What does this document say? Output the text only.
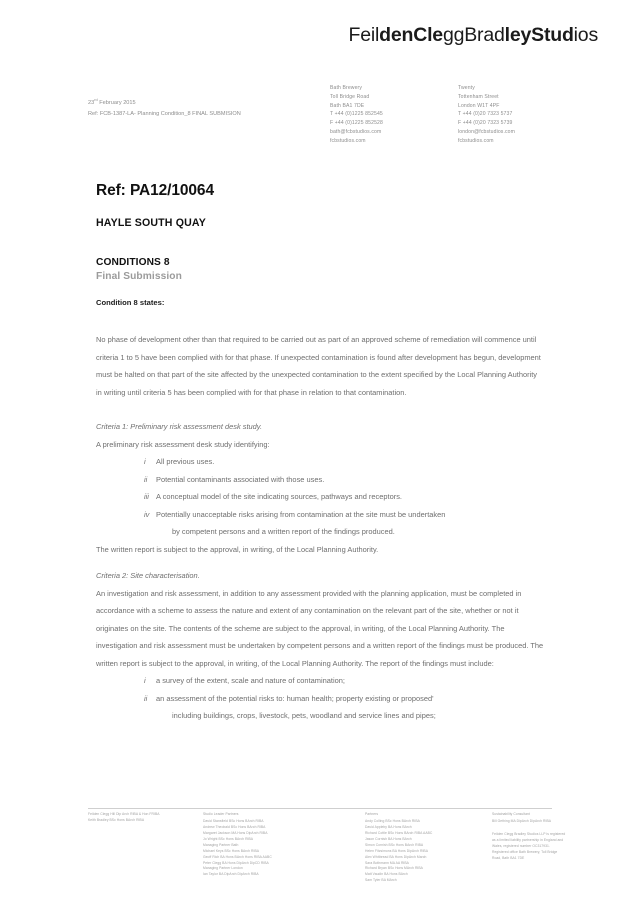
FeildenCleggBradleyStudios
Bath Brewery
Toll Bridge Road
Bath BA1 7DE
T +44 (0)1225 852545
F +44 (0)1225 852528
bath@fcbstudios.com
fcbstudios.com
Twenty
Tottenham Street
London W1T 4PF
T +44 (0)20 7323 5737
F +44 (0)20 7323 5739
london@fcbstudios.com
fcbstudios.com
23rd February 2015
Ref: FCB-1387-LA- Planning Condition_8 FINAL SUBMISION
Ref: PA12/10064
HAYLE SOUTH QUAY
CONDITIONS 8
Final Submission

Condition 8 states:

No phase of development other than that required to be carried out as part of an approved scheme of remediation will commence until criteria 1 to 5 have been complied with for that phase. If unexpected contamination is found after development has begun, development must be halted on that part of the site affected by the unexpected contamination to the extent specified by the Local Planning Authority in writing until criteria 5 has been complied with for that phase in relation to that contamination.

Criteria 1: Preliminary risk assessment desk study.

A preliminary risk assessment desk study identifying:

i	All previous uses.
ii	Potential contaminants associated with those uses.
iii A conceptual model of the site indicating sources, pathways and receptors.
iv Potentially unacceptable risks arising from contamination at the site must be undertaken
by competent persons and a written report of the findings produced.

The written report is subject to the approval, in writing, of the Local Planning Authority.

Criteria 2: Site characterisation.

An investigation and risk assessment, in addition to any assessment provided with the planning application, must be completed in accordance with a scheme to assess the nature and extent of any contamination on the relevant part of the site, whether or not it originates on the site. The contents of the scheme are subject to the approval, in writing, of the Local Planning Authority. The investigation and risk assessment must be undertaken by competent persons and a written report of the findings must be produced. The written report is subject to the approval, in writing, of the Local Planning Authority. The report of the findings must include:

i	a survey of the extent, scale and nature of contamination;
ii	an assessment of the potential risks to: human health; property existing or proposed'
including buildings, crops, livestock, pets, woodland and service lines and pipes;
Feilden Clegg Hill Dip Arch RIBA & Hon FRIBA
Keith Bradley BSc Hons BArch RIBA
Studio Leader Partners
David Stansfield BSc Hons BArch RIBA
Andrew Theobald BSc Hons BArch RIBA
Margaret Jackson MA Hons DipArch RIBA
Jo Wright BSc Hons BArch RIBA
Managing Partner Bath
Michael Keys BSc Hons BArch RIBA
Geoff Rich BA Hons BArch Hons RIBA AABC
Peter Clegg BA Hons DipArch DipCD RIBA
Managing Partner London
Ian Taylor BA DipArch DipArch RIBA
Partners
Andy Colling BSc Hons BArch RIBA
David Appleby BA Hons BArch
Richard Cottle BSc Hons BArch RIBA AABC
Jason Cornish BA Hons BArch
Simon Cornish BSc Hons BArch RIBA
Helen Fitzsimons BA Hons DipArch RIBA
Alex Whitbread BA Hons DipArch March
Sara Bothmann MA AA RIBA
Richard Bryan BSc Hons MArch RIBA
Matt Vaudin BA Hons BArch
Sam Tyler BA MArch
Sustainability Consultant
Bill Gething MA DipArch DipArch RIBA
Feilden Clegg Bradley Studios LLP is registered as a limited liability partnership in England and Wales, registered number OC317931. Registered office Bath Brewery, Toll Bridge Road, Bath BA1 7DE
